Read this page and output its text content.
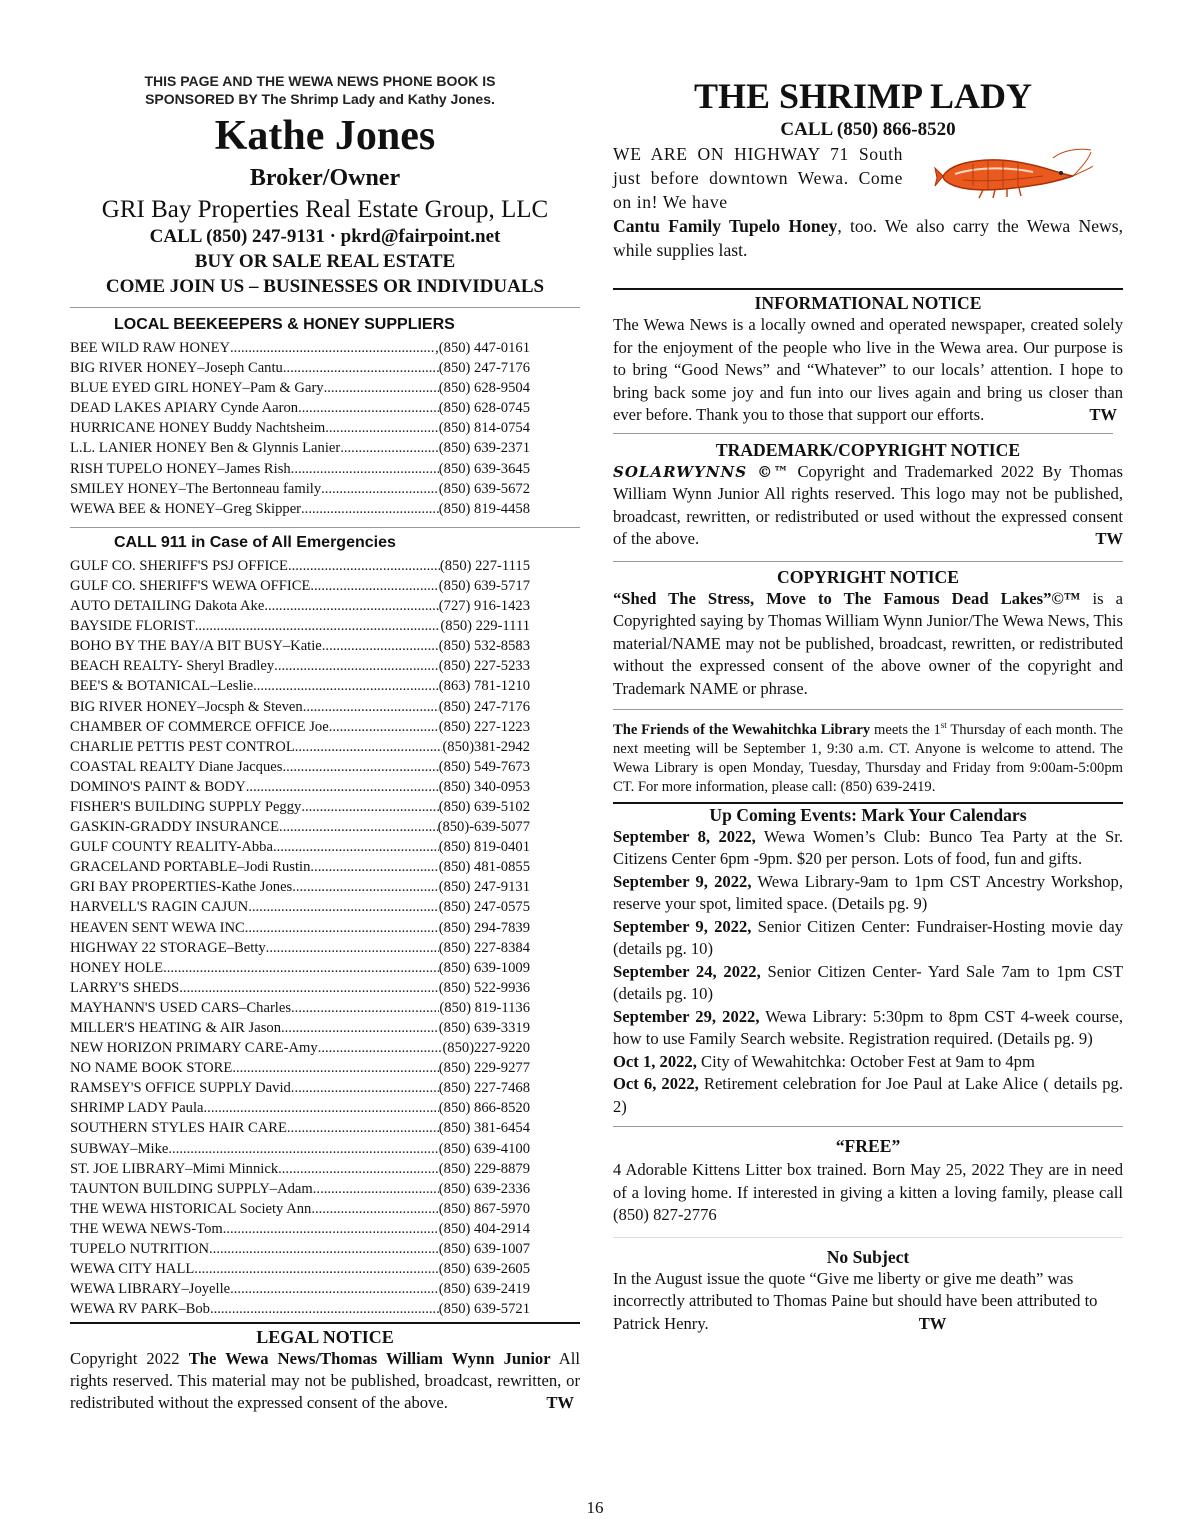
THIS PAGE AND THE WEWA NEWS PHONE BOOK IS
SPONSORED BY The Shrimp Lady and Kathy Jones.
Kathe Jones
Broker/Owner
GRI Bay Properties Real Estate Group, LLC
CALL (850) 247-9131 · pkrd@fairpoint.net
BUY OR SALE REAL ESTATE
COME JOIN US – BUSINESSES OR INDIVIDUALS
LOCAL BEEKEEPERS & HONEY SUPPLIERS
BEE WILD RAW HONEY .....	,(850) 447-0161
BIG RIVER HONEY–Joseph Cantu .....	(850) 247-7176
BLUE EYED GIRL HONEY–Pam & Gary .....	(850) 628-9504
DEAD LAKES APIARY Cynde Aaron .....	(850) 628-0745
HURRICANE HONEY Buddy Nachtsheim .....	(850) 814-0754
L.L. LANIER HONEY Ben & Glynnis Lanier .....	(850) 639-2371
RISH TUPELO HONEY–James Rish .....	(850) 639-3645
SMILEY HONEY–The Bertonneau family .....	(850) 639-5672
WEWA BEE & HONEY–Greg Skipper .....	(850) 819-4458
CALL 911 in Case of All Emergencies
GULF CO. SHERIFF'S PSJ OFFICE .....	(850) 227-1115
GULF CO. SHERIFF'S WEWA OFFICE .....	(850) 639-5717
AUTO DETAILING Dakota Ake .....	(727) 916-1423
BAYSIDE FLORIST .....	(850) 229-1111
BOHO BY THE BAY/A BIT BUSY–Katie .....	(850) 532-8583
BEACH REALTY- Sheryl Bradley .....	(850) 227-5233
BEE'S & BOTANICAL–Leslie .....	(863) 781-1210
BIG RIVER HONEY–Jocsph & Steven .....	(850) 247-7176
CHAMBER OF COMMERCE OFFICE Joe .....	(850) 227-1223
CHARLIE PETTIS PEST CONTROL .....	(850)381-2942
COASTAL REALTY Diane Jacques .....	(850) 549-7673
DOMINO'S PAINT & BODY .....	(850) 340-0953
FISHER'S BUILDING SUPPLY Peggy .....	(850) 639-5102
GASKIN-GRADDY INSURANCE .....	(850)-639-5077
GULF COUNTY REALITY-Abba .....	(850) 819-0401
GRACELAND PORTABLE–Jodi Rustin .....	(850) 481-0855
GRI BAY PROPERTIES-Kathe Jones .....	(850) 247-9131
HARVELL'S RAGIN CAJUN .....	(850) 247-0575
HEAVEN SENT WEWA INC .....	(850) 294-7839
HIGHWAY 22 STORAGE–Betty .....	(850) 227-8384
HONEY HOLE .....	(850) 639-1009
LARRY'S SHEDS .....	(850) 522-9936
MAYHANN'S USED CARS–Charles .....	(850) 819-1136
MILLER'S HEATING & AIR Jason .....	(850) 639-3319
NEW HORIZON PRIMARY CARE-Amy .....	(850)227-9220
NO NAME BOOK STORE .....	(850) 229-9277
RAMSEY'S OFFICE SUPPLY David .....	(850) 227-7468
SHRIMP LADY Paula .....	(850) 866-8520
SOUTHERN STYLES HAIR CARE .....	(850) 381-6454
SUBWAY–Mike .....	(850) 639-4100
ST. JOE LIBRARY–Mimi Minnick .....	(850) 229-8879
TAUNTON BUILDING SUPPLY–Adam .....	(850) 639-2336
THE WEWA HISTORICAL Society Ann .....	(850) 867-5970
THE WEWA NEWS-Tom .....	(850) 404-2914
TUPELO NUTRITION .....	(850) 639-1007
WEWA CITY HALL .....	(850) 639-2605
WEWA LIBRARY–Joyelle .....	(850) 639-2419
WEWA RV PARK–Bob .....	(850) 639-5721
LEGAL NOTICE
Copyright 2022 The Wewa News/Thomas William Wynn Junior All rights reserved. This material may not be published, broadcast, rewritten, or redistributed without the expressed consent of the above.	TW
THE SHRIMP LADY
CALL (850) 866-8520
WE ARE ON HIGHWAY 71 South just before downtown Wewa. Come on in! We have
Cantu Family Tupelo Honey, too. We also carry the Wewa News, while supplies last.
INFORMATIONAL NOTICE
The Wewa News is a locally owned and operated newspaper, created solely for the enjoyment of the people who live in the Wewa area. Our purpose is to bring “Good News” and “Whatever” to our locals’ attention. I hope to bring back some joy and fun into our lives again and bring us closer than ever before. Thank you to those that support our efforts.	TW
TRADEMARK/COPYRIGHT NOTICE
SOLARWYNNS ©™ Copyright and Trademarked 2022 By Thomas William Wynn Junior All rights reserved. This logo may not be published, broadcast, rewritten, or redistributed or used without the expressed consent of the above.	TW
COPYRIGHT NOTICE
“Shed The Stress, Move to The Famous Dead Lakes”©™ is a Copyrighted saying by Thomas William Wynn Junior/The Wewa News, This material/NAME may not be published, broadcast, rewritten, or redistributed without the expressed consent of the above owner of the copyright and Trademark NAME or phrase.
The Friends of the Wewahitchka Library meets the 1st Thursday of each month. The next meeting will be September 1, 9:30 a.m. CT. Anyone is welcome to attend. The Wewa Library is open Monday, Tuesday, Thursday and Friday from 9:00am-5:00pm CT. For more information, please call: (850) 639-2419.
Up Coming Events: Mark Your Calendars
September 8, 2022, Wewa Women’s Club: Bunco Tea Party at the Sr. Citizens Center 6pm -9pm. $20 per person. Lots of food, fun and gifts.
September 9, 2022, Wewa Library-9am to 1pm CST Ancestry Workshop, reserve your spot, limited space. (Details pg. 9)
September 9, 2022, Senior Citizen Center: Fundraiser-Hosting movie day (details pg. 10)
September 24, 2022, Senior Citizen Center- Yard Sale 7am to 1pm CST (details pg. 10)
September 29, 2022, Wewa Library: 5:30pm to 8pm CST 4-week course, how to use Family Search website. Registration required. (Details pg. 9)
Oct 1, 2022, City of Wewahitchka: October Fest at 9am to 4pm
Oct 6, 2022, Retirement celebration for Joe Paul at Lake Alice ( details pg. 2)
“FREE”
4 Adorable Kittens Litter box trained. Born May 25, 2022 They are in need of a loving home. If interested in giving a kitten a loving family, please call (850) 827-2776
No Subject
In the August issue the quote “Give me liberty or give me death” was incorrectly attributed to Thomas Paine but should have been attributed to Patrick Henry.	TW
16
